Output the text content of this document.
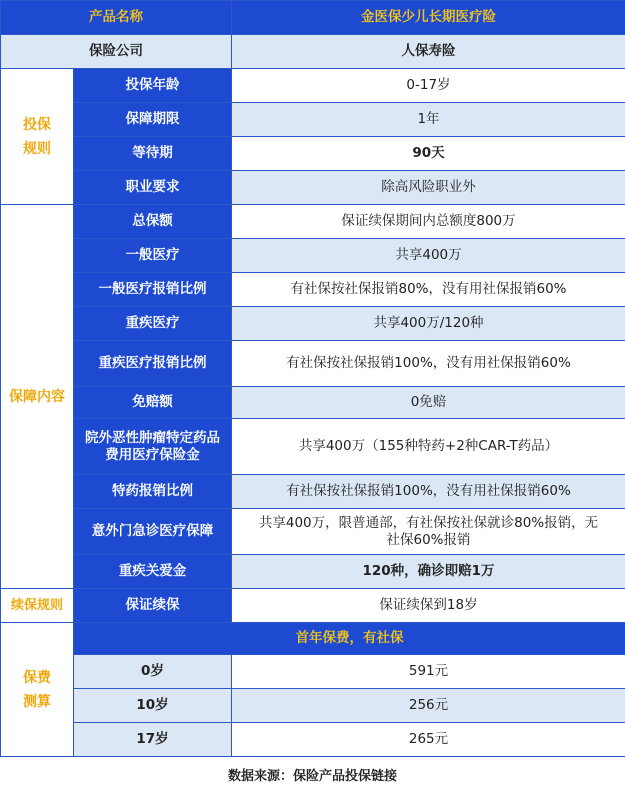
产品名称		金医保少儿长期医疗险
保险公司		人保寿险
投保
规则	投保年龄	0-17岁
	保障期限	1年
	等待期	90天
	职业要求	除高风险职业外
保障内容	总保额	保证续保期间内总额度800万
	一般医疗	共享400万
	一般医疗报销比例	有社保按社保报销80%，没有用社保报销60%
	重疾医疗	共享400万/120种
	重疾医疗报销比例	有社保按社保报销100%，没有用社保报销60%
	免赔额	0免赔
	院外恶性肿瘤特定药品
费用医疗保险金	共享400万（155种特药+2种CAR-T药品）
	特药报销比例	有社保按社保报销100%，没有用社保报销60%
	意外门急诊医疗保障	共享400万，限普通部，有社保按社保就诊80%报销，无
社保60%报销
	重疾关爱金	120种，确诊即赔1万
续保规则	保证续保	保证续保到18岁
保费
测算	首年保费，有社保	
	0岁	591元
	10岁	256元
	17岁	265元
数据来源：保险产品投保链接
